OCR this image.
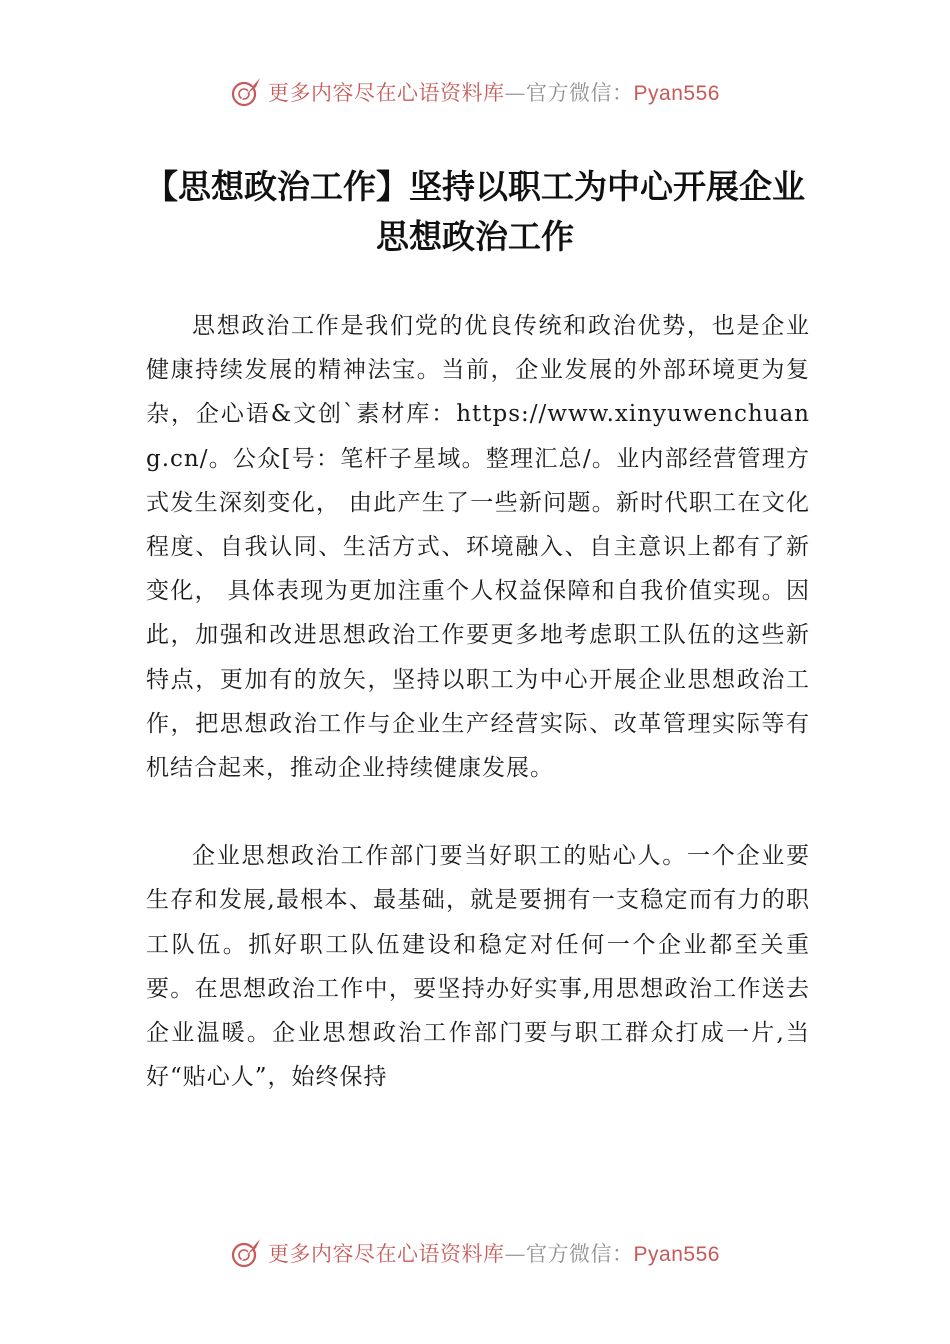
更多内容尽在心语资料库—官方微信：Pyan556
【思想政治工作】坚持以职工为中心开展企业思想政治工作

思想政治工作是我们党的优良传统和政治优势，也是企业健康持续发展的精神法宝。当前，企业发展的外部环境更为复杂，企心语&文创`素材库：https://www.xinyuwenchuang.cn/。公众[号：笔杆子星域。整理汇总/。业内部经营管理方式发生深刻变化， 由此产生了一些新问题。新时代职工在文化程度、自我认同、生活方式、环境融入、自主意识上都有了新变化， 具体表现为更加注重个人权益保障和自我价值实现。因此，加强和改进思想政治工作要更多地考虑职工队伍的这些新特点，更加有的放矢，坚持以职工为中心开展企业思想政治工作，把思想政治工作与企业生产经营实际、改革管理实际等有机结合起来，推动企业持续健康发展。

企业思想政治工作部门要当好职工的贴心人。一个企业要生存和发展,最根本、最基础，就是要拥有一支稳定而有力的职工队伍。抓好职工队伍建设和稳定对任何一个企业都至关重要。在思想政治工作中，要坚持办好实事,用思想政治工作送去企业温暖。企业思想政治工作部门要与职工群众打成一片,当好“贴心人”，始终保持

更多内容尽在心语资料库—官方微信：Pyan556
